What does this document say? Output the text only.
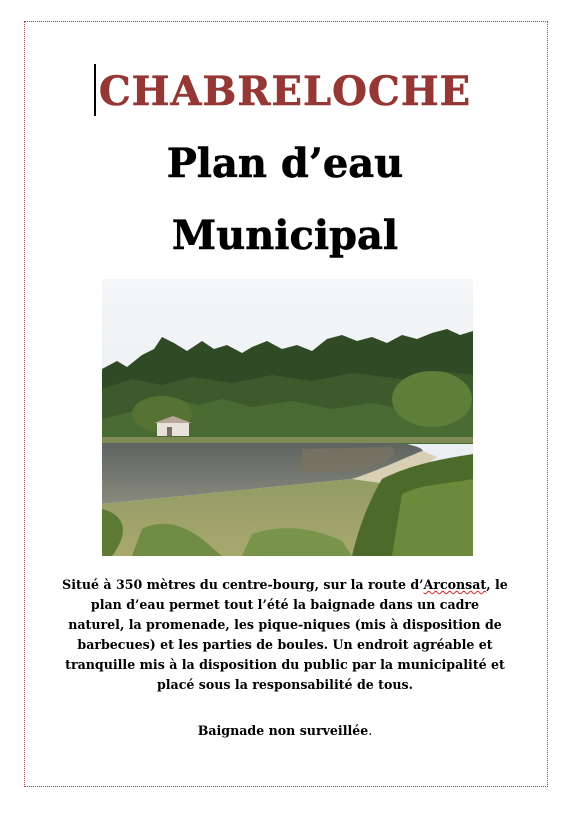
CHABRELOCHE
Plan d’eau
Municipal

Situé à 350 mètres du centre-bourg, sur la route d’Arconsat, le plan d’eau permet tout l’été la baignade dans un cadre naturel, la promenade, les pique-niques (mis à disposition de barbecues) et les parties de boules. Un endroit agréable et tranquille mis à la disposition du public par la municipalité et placé sous la responsabilité de tous.

Baignade non surveillée.
